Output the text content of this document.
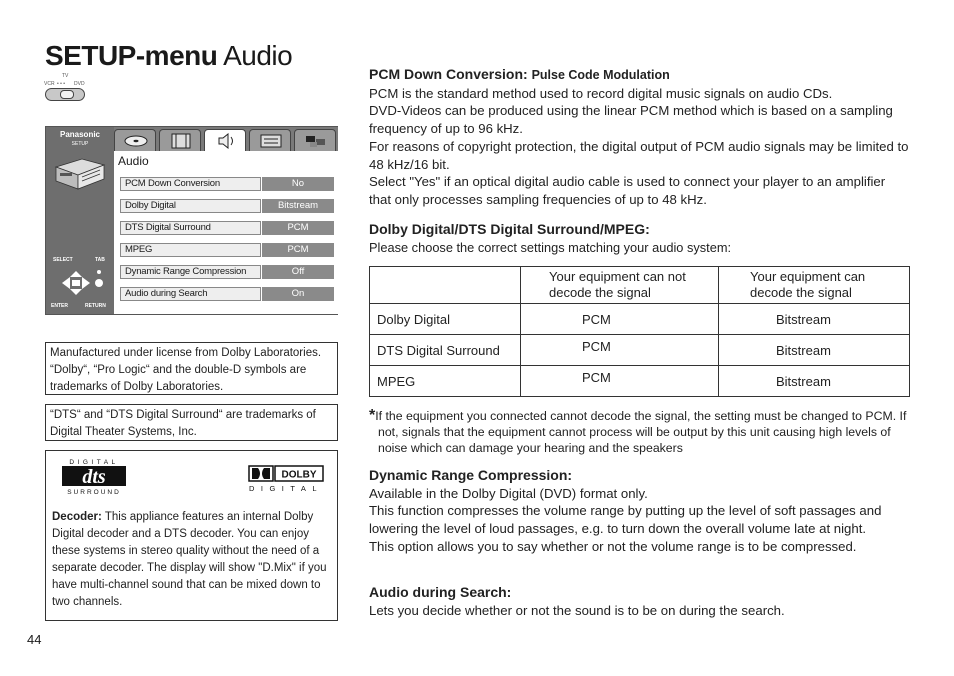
SETUP-menu Audio
TV
VCR • • • DVD
Panasonic
SETUP
SELECT	TAB
ENTER	RETURN
Audio
PCM Down Conversion	No
Dolby Digital	Bitstream
DTS Digital Surround	PCM
MPEG	PCM
Dynamic Range Compression	Off
Audio during Search	On

Manufactured under license from Dolby Laboratories. “Dolby“, “Pro Logic“ and the double-D symbols are trademarks of Dolby Laboratories.

“DTS“ and “DTS Digital Surround“ are trademarks of Digital Theater Systems, Inc.

DIGITAL
dts
SURROUND
DOLBY
DIGITAL

Decoder: This appliance features an internal Dolby Digital decoder and a DTS decoder. You can enjoy these systems in stereo quality without the need of a separate decoder. The display will show "D.Mix" if you have multi-channel sound that can be mixed down to two channels.

44
PCM Down Conversion: Pulse Code Modulation

PCM is the standard method used to record digital music signals on audio CDs.

DVD-Videos can be produced using the linear PCM method which is based on a sampling frequency of up to 96 kHz.

For reasons of copyright protection, the digital output of PCM audio signals may be limited to 48 kHz/16 bit.

Select "Yes" if an optical digital audio cable is used to connect your player to an amplifier that only processes sampling frequencies of up to 48 kHz.

Dolby Digital/DTS Digital Surround/MPEG:

Please choose the correct settings matching your audio system:

	Your equipment can not decode the signal	Your equipment can decode the signal
Dolby Digital	PCM	Bitstream
DTS Digital Surround	PCM	Bitstream
MPEG	PCM	Bitstream

*If the equipment you connected cannot decode the signal, the setting must be changed to PCM. If not, signals that the equipment cannot process will be output by this unit causing high levels of noise which can damage your hearing and the speakers

Dynamic Range Compression:

Available in the Dolby Digital (DVD) format only.

This function compresses the volume range by putting up the level of soft passages and lowering the level of loud passages, e.g. to turn down the overall volume late at night.

This option allows you to say whether or not the volume range is to be compressed.

Audio during Search:

Lets you decide whether or not the sound is to be on during the search.
